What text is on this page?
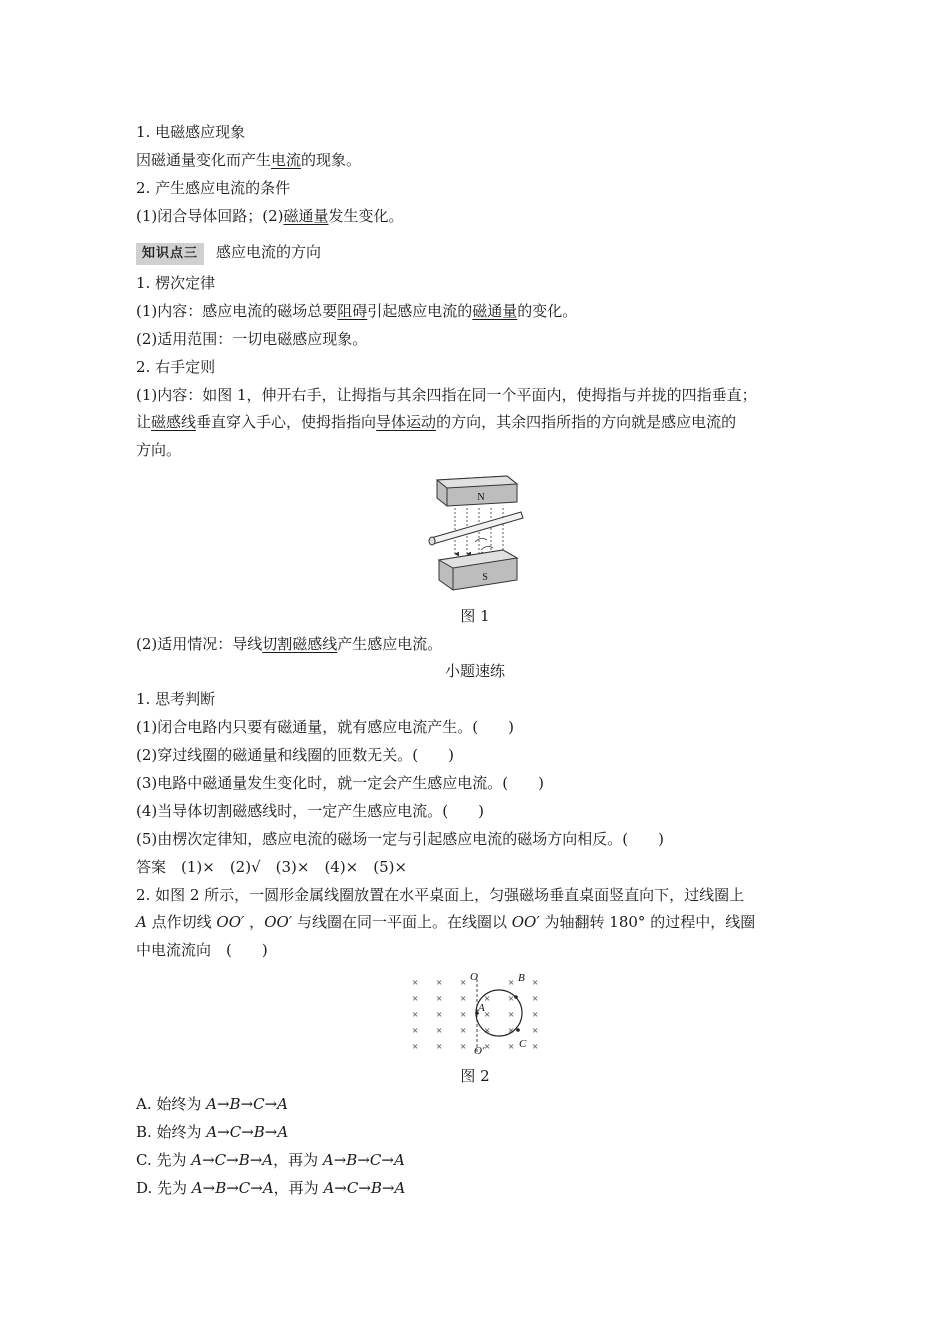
1. 电磁感应现象
因磁通量变化而产生电流的现象。
2. 产生感应电流的条件
(1)闭合导体回路；(2)磁通量发生变化。
知识点三 感应电流的方向
1. 楞次定律
(1)内容：感应电流的磁场总要阻碍引起感应电流的磁通量的变化。
(2)适用范围：一切电磁感应现象。
2. 右手定则
(1)内容：如图 1，伸开右手，让拇指与其余四指在同一个平面内，使拇指与并拢的四指垂直；
让磁感线垂直穿入手心，使拇指指向导体运动的方向，其余四指所指的方向就是感应电流的
方向。
N
S
图 1
(2)适用情况：导线切割磁感线产生感应电流。
小题速练
1. 思考判断
(1)闭合电路内只要有磁通量，就有感应电流产生。(　　)
(2)穿过线圈的磁通量和线圈的匝数无关。(　　)
(3)电路中磁通量发生变化时，就一定会产生感应电流。(　　)
(4)当导体切割磁感线时，一定产生感应电流。(　　)
(5)由楞次定律知，感应电流的磁场一定与引起感应电流的磁场方向相反。(　　)
答案　(1)×　(2)√　(3)×　(4)×　(5)×
2. 如图 2 所示，一圆形金属线圈放置在水平桌面上，匀强磁场垂直桌面竖直向下，过线圈上
A 点作切线 OO′ ，OO′ 与线圈在同一平面上。在线圈以 OO′ 为轴翻转 180° 的过程中，线圈
中电流流向　(　　)
× × ×	× ×
× × × × × ×
× × × × × ×
× × × × × ×
× × × × × ×
O
O′
A
B
C
图 2
A. 始终为 A→B→C→A
B. 始终为 A→C→B→A
C. 先为 A→C→B→A，再为 A→B→C→A
D. 先为 A→B→C→A，再为 A→C→B→A
